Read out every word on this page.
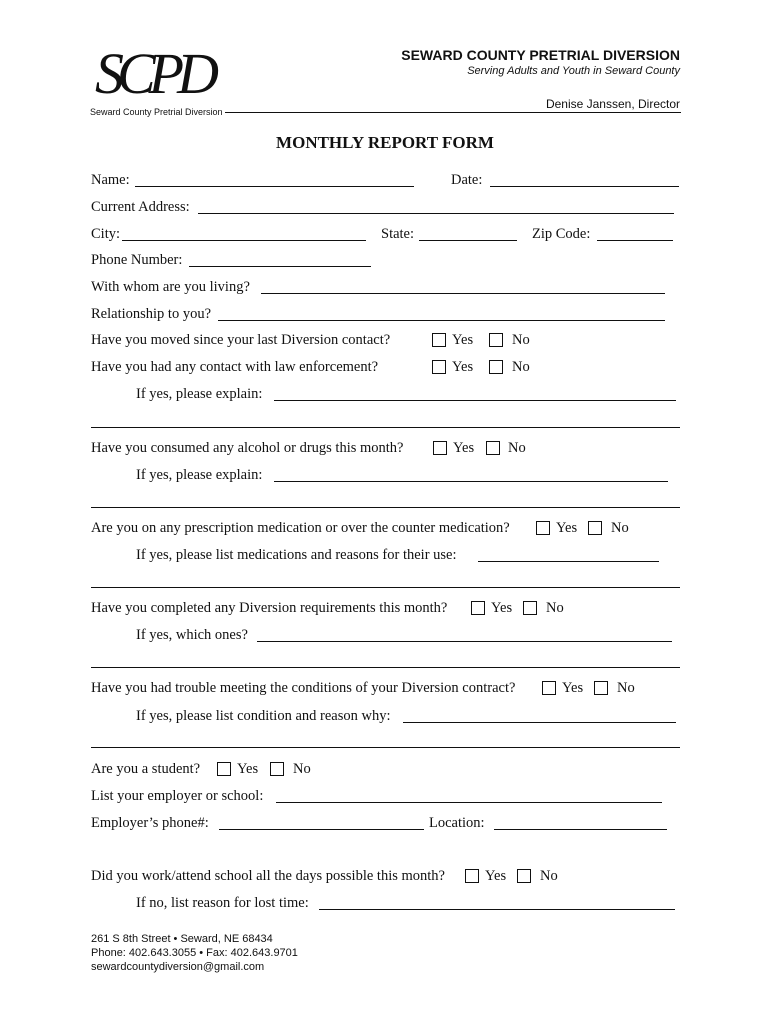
SCPD
Seward County Pretrial Diversion
SEWARD COUNTY PRETRIAL DIVERSION
Serving Adults and Youth in Seward County
Denise Janssen, Director
MONTHLY REPORT FORM
Name:	Date:
Current Address:
City:	State:	Zip Code:
Phone Number:
With whom are you living?
Relationship to you?
Have you moved since your last Diversion contact?	Yes	No
Have you had any contact with law enforcement?	Yes	No
If yes, please explain:
Have you consumed any alcohol or drugs this month?	Yes No
If yes, please explain:
Are you on any prescription medication or over the counter medication?	Yes No
If yes, please list medications and reasons for their use:
Have you completed any Diversion requirements this month?	Yes No
If yes, which ones?
Have you had trouble meeting the conditions of your Diversion contract?	Yes No
If yes, please list condition and reason why:
Are you a student?	Yes No
List your employer or school:
Employer’s phone#:	Location:
Did you work/attend school all the days possible this month?	Yes No
If no, list reason for lost time:
261 S 8th Street • Seward, NE 68434
Phone: 402.643.3055 • Fax: 402.643.9701
sewardcountydiversion@gmail.com
